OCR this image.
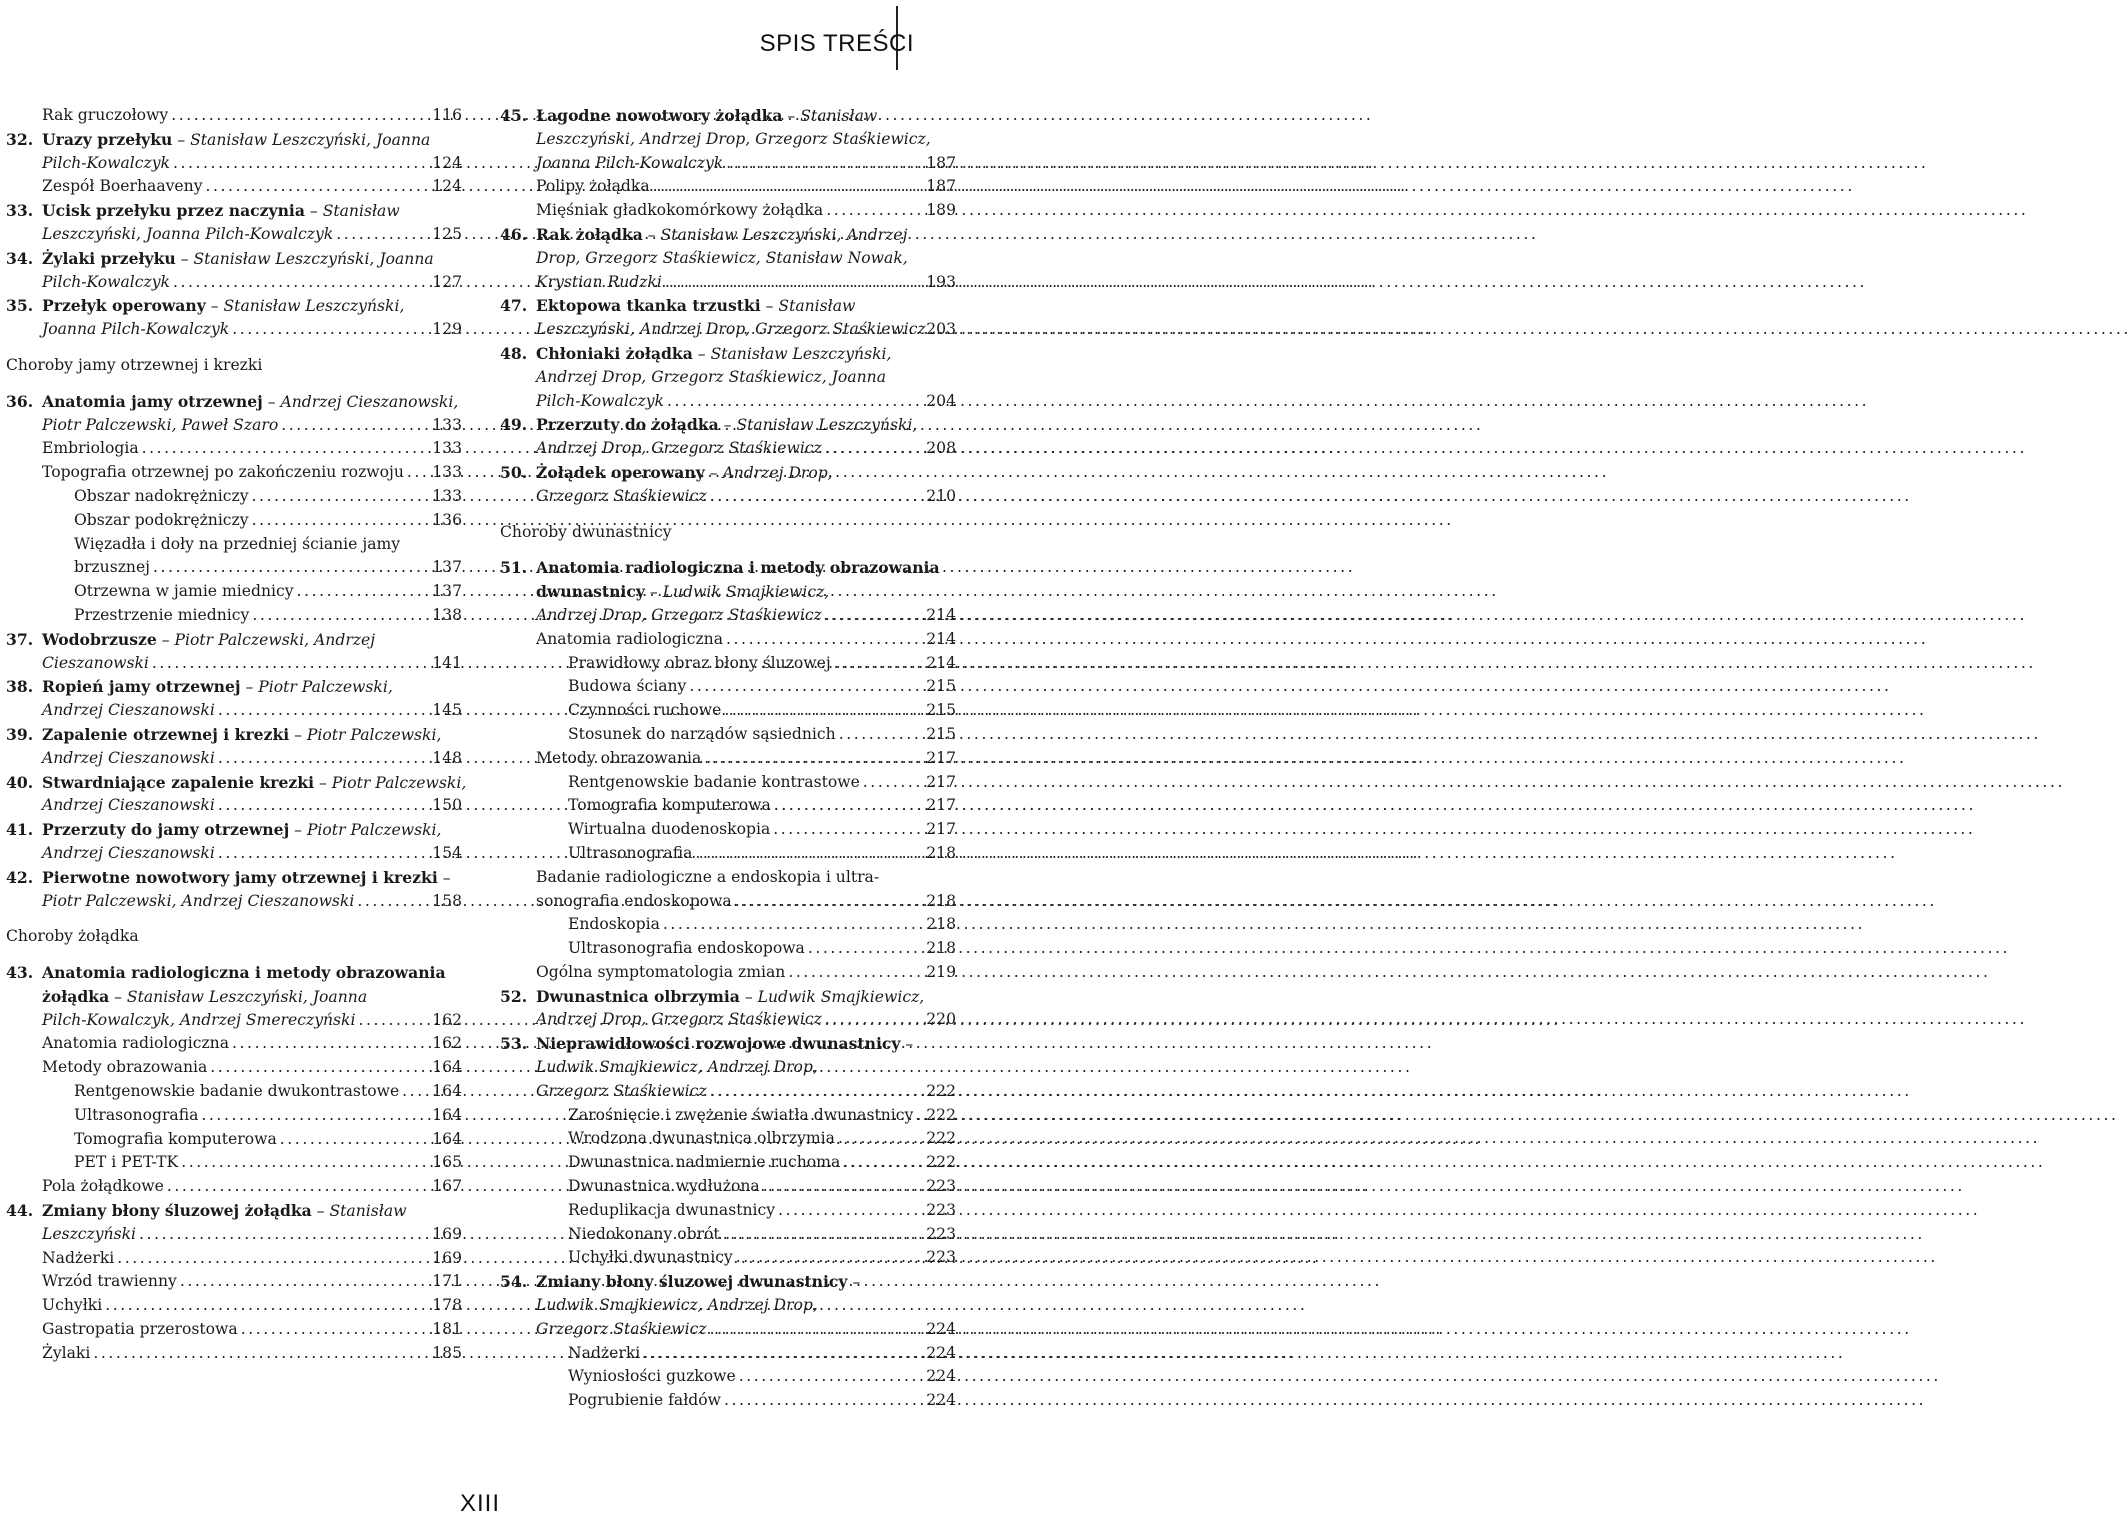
SPIS TREŚCI
Rak gruczołowy . . .	116
32. Urazy przełyku – Stanisław Leszczyński, Joanna
Pilch-Kowalczyk . . .	124
Zespół Boerhaaveny . . .	124
33. Ucisk przełyku przez naczynia – Stanisław
Leszczyński, Joanna Pilch-Kowalczyk . . .	125
34. Żylaki przełyku – Stanisław Leszczyński, Joanna
Pilch-Kowalczyk . . .	127
35. Przełyk operowany – Stanisław Leszczyński,
Joanna Pilch-Kowalczyk . . .	129
Choroby jamy otrzewnej i krezki
36. Anatomia jamy otrzewnej – Andrzej Cieszanowski,
Piotr Palczewski, Paweł Szaro . . .	133
Embriologia . . .	133
Topografia otrzewnej po zakończeniu rozwoju . . .	133
Obszar nadokrężniczy . . .	133
Obszar podokrężniczy . . .	136
Więzadła i doły na przedniej ścianie jamy
brzusznej . . .	137
Otrzewna w jamie miednicy . . .	137
Przestrzenie miednicy . . .	138
37. Wodobrzusze – Piotr Palczewski, Andrzej
Cieszanowski . . .	141
38. Ropień jamy otrzewnej – Piotr Palczewski,
Andrzej Cieszanowski . . .	145
39. Zapalenie otrzewnej i krezki – Piotr Palczewski,
Andrzej Cieszanowski . . .	148
40. Stwardniające zapalenie krezki – Piotr Palczewski,
Andrzej Cieszanowski . . .	150
41. Przerzuty do jamy otrzewnej – Piotr Palczewski,
Andrzej Cieszanowski . . .	154
42. Pierwotne nowotwory jamy otrzewnej i krezki –
Piotr Palczewski, Andrzej Cieszanowski . . .	158
Choroby żołądka
43. Anatomia radiologiczna i metody obrazowania
żołądka – Stanisław Leszczyński, Joanna
Pilch-Kowalczyk, Andrzej Smereczyński . . .	162
Anatomia radiologiczna . . .	162
Metody obrazowania . . .	164
Rentgenowskie badanie dwukontrastowe . . .	164
Ultrasonografia . . .	164
Tomografia komputerowa . . .	164
PET i PET-TK . . .	165
Pola żołądkowe . . .	167
44. Zmiany błony śluzowej żołądka – Stanisław
Leszczyński . . .	169
Nadżerki . . .	169
Wrzód trawienny . . .	171
Uchyłki . . .	178
Gastropatia przerostowa . . .	181
Żylaki . . .	185
45. Łagodne nowotwory żołądka – Stanisław
Leszczyński, Andrzej Drop, Grzegorz Staśkiewicz,
Joanna Pilch-Kowalczyk . . .	187
Polipy żołądka . . .	187
Mięśniak gładkokomórkowy żołądka . . .	189
46. Rak żołądka – Stanisław Leszczyński, Andrzej
Drop, Grzegorz Staśkiewicz, Stanisław Nowak,
Krystian Rudzki . . .	193
47. Ektopowa tkanka trzustki – Stanisław
Leszczyński, Andrzej Drop, Grzegorz Staśkiewicz . . . 203
48. Chłoniaki żołądka – Stanisław Leszczyński,
Andrzej Drop, Grzegorz Staśkiewicz, Joanna
Pilch-Kowalczyk . . .	204
49. Przerzuty do żołądka – Stanisław Leszczyński,
Andrzej Drop, Grzegorz Staśkiewicz . . .	208
50. Żołądek operowany – Andrzej Drop,
Grzegorz Staśkiewicz . . .	210
Choroby dwunastnicy
51. Anatomia radiologiczna i metody obrazowania
dwunastnicy – Ludwik Smajkiewicz,
Andrzej Drop, Grzegorz Staśkiewicz . . .	214
Anatomia radiologiczna . . .	214
Prawidłowy obraz błony śluzowej . . .	214
Budowa ściany . . .	215
Czynności ruchowe . . .	215
Stosunek do narządów sąsiednich . . .	215
Metody obrazowania . . .	217
Rentgenowskie badanie kontrastowe . . .	217
Tomografia komputerowa . . .	217
Wirtualna duodenoskopia . . .	217
Ultrasonografia . . .	218
Badanie radiologiczne a endoskopia i ultra-
sonografia endoskopowa . . .	218
Endoskopia . . .	218
Ultrasonografia endoskopowa . . .	218
Ogólna symptomatologia zmian . . .	219
52. Dwunastnica olbrzymia – Ludwik Smajkiewicz,
Andrzej Drop, Grzegorz Staśkiewicz . . .	220
53. Nieprawidłowości rozwojowe dwunastnicy –
Ludwik Smajkiewicz, Andrzej Drop,
Grzegorz Staśkiewicz . . .	222
Zarośnięcie i zwężenie światła dwunastnicy . . . 222
Wrodzona dwunastnica olbrzymia . . .	222
Dwunastnica nadmiernie ruchoma . . .	222
Dwunastnica wydłużona . . .	223
Reduplikacja dwunastnicy . . .	223
Niedokonany obrót . . .	223
Uchyłki dwunastnicy . . .	223
54. Zmiany błony śluzowej dwunastnicy –
Ludwik Smajkiewicz, Andrzej Drop,
Grzegorz Staśkiewicz . . .	224
Nadżerki . . .	224
Wyniosłości guzkowe . . .	224
Pogrubienie fałdów . . .	224
XIII
